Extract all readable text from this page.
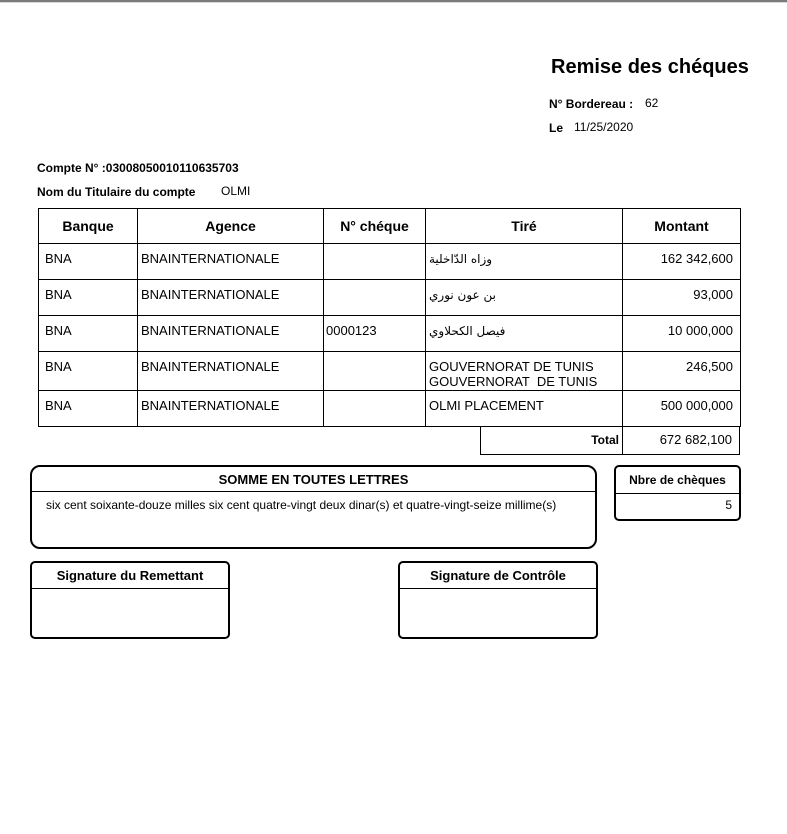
Remise des chéques
N° Bordereau : 62
Le 11/25/2020
Compte N° :03008050010110635703
Nom du Titulaire du compte OLMI
Banque	Agence	N° chéque	Tiré	Montant
BNA	BNAINTERNATIONALE		وزاه الدّاخلية	162 342,600
BNA	BNAINTERNATIONALE		بن عون نوري	93,000
BNA	BNAINTERNATIONALE	0000123	فيصل الكحلاوي	10 000,000
BNA	BNAINTERNATIONALE		GOUVERNORAT DE TUNIS
GOUVERNORAT  DE TUNIS	246,500
BNA	BNAINTERNATIONALE		OLMI PLACEMENT	500 000,000
Total	672 682,100
SOMME EN TOUTES LETTRES
six cent soixante-douze milles six cent quatre-vingt deux dinar(s) et quatre-vingt-seize millime(s)
Nbre de chèques
5
Signature du Remettant	Signature de Contrôle
